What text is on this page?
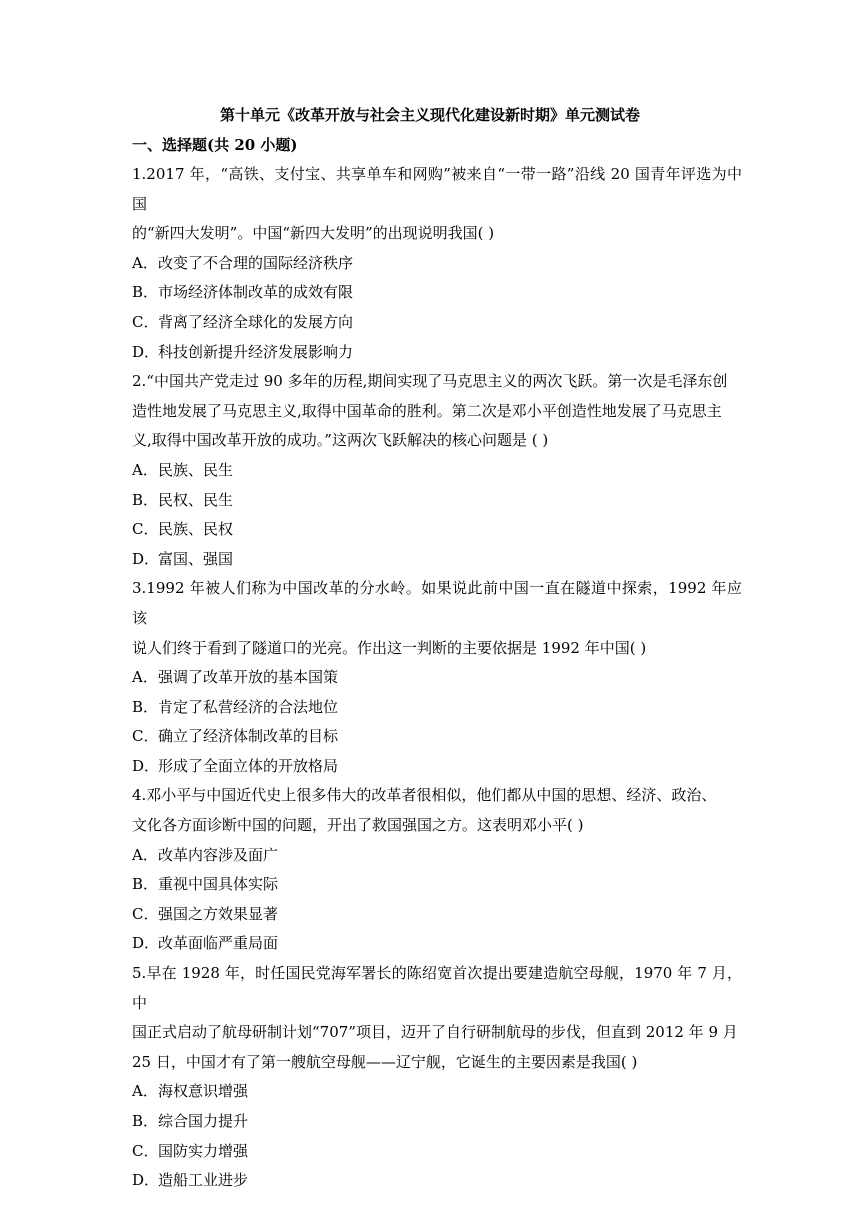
第十单元《改革开放与社会主义现代化建设新时期》单元测试卷
一、选择题(共 20 小题)
1.2017 年，“高铁、支付宝、共享单车和网购”被来自“一带一路”沿线 20 国青年评选为中国
的“新四大发明”。中国“新四大发明”的出现说明我国( )
A．改变了不合理的国际经济秩序
B．市场经济体制改革的成效有限
C．背离了经济全球化的发展方向
D．科技创新提升经济发展影响力
2.“中国共产党走过 90 多年的历程,期间实现了马克思主义的两次飞跃。第一次是毛泽东创
造性地发展了马克思主义,取得中国革命的胜利。第二次是邓小平创造性地发展了马克思主
义,取得中国改革开放的成功。”这两次飞跃解决的核心问题是 ( )
A．民族、民生
B．民权、民生
C．民族、民权
D．富国、强国
3.1992 年被人们称为中国改革的分水岭。如果说此前中国一直在隧道中探索，1992 年应该
说人们终于看到了隧道口的光亮。作出这一判断的主要依据是 1992 年中国( )
A．强调了改革开放的基本国策
B．肯定了私营经济的合法地位
C．确立了经济体制改革的目标
D．形成了全面立体的开放格局
4.邓小平与中国近代史上很多伟大的改革者很相似，他们都从中国的思想、经济、政治、
文化各方面诊断中国的问题，开出了救国强国之方。这表明邓小平( )
A．改革内容涉及面广
B．重视中国具体实际
C．强国之方效果显著
D．改革面临严重局面
5.早在 1928 年，时任国民党海军署长的陈绍宽首次提出要建造航空母舰，1970 年 7 月，中
国正式启动了航母研制计划“707”项目，迈开了自行研制航母的步伐，但直到 2012 年 9 月
25 日，中国才有了第一艘航空母舰——辽宁舰，它诞生的主要因素是我国( )
A．海权意识增强
B．综合国力提升
C．国防实力增强
D．造船工业进步
